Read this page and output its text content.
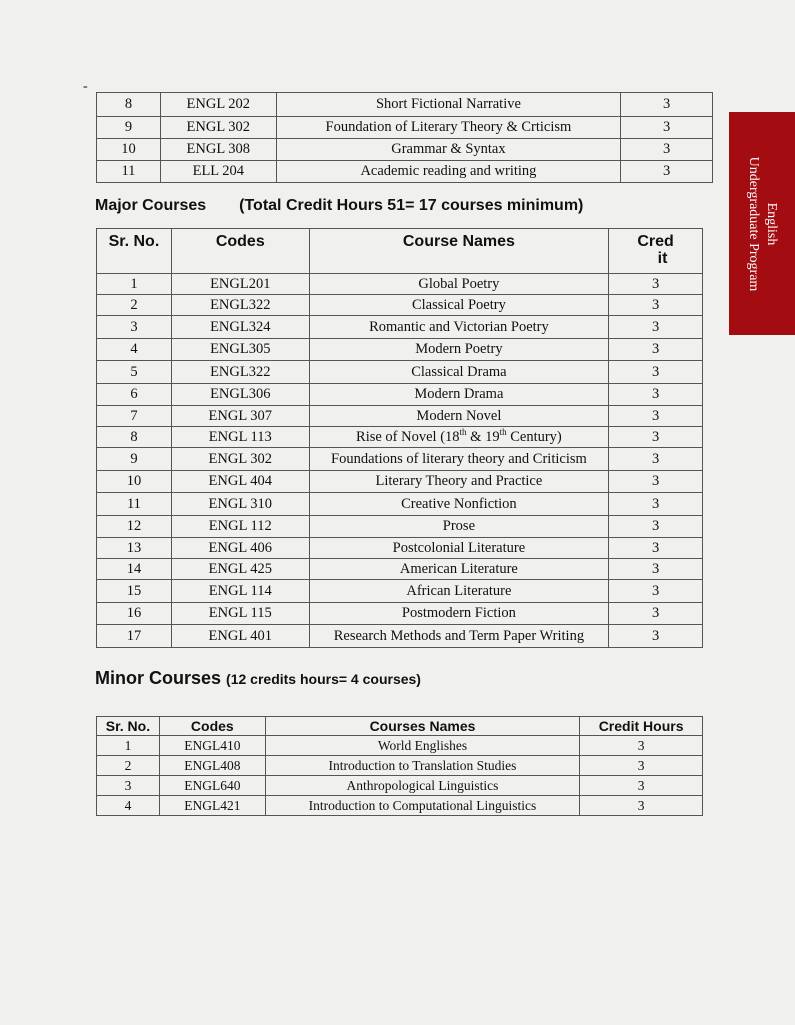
-
8	ENGL 202	Short Fictional Narrative	3
9	ENGL 302	Foundation of Literary Theory & Crticism	3
10	ENGL 308	Grammar & Syntax	3
11	ELL 204	Academic reading and writing	3
Major Courses (Total Credit Hours 51= 17 courses minimum)
Sr. No.	Codes	Course Names	Cred
it
1	ENGL201	Global Poetry	3
2	ENGL322	Classical Poetry	3
3	ENGL324	Romantic and Victorian Poetry	3
4	ENGL305	Modern Poetry	3
5	ENGL322	Classical Drama	3
6	ENGL306	Modern Drama	3
7	ENGL 307	Modern Novel	3
8	ENGL 113	Rise of Novel (18th & 19th Century)	3
9	ENGL 302	Foundations of literary theory and Criticism	3
10	ENGL 404	Literary Theory and Practice	3
11	ENGL 310	Creative Nonfiction	3
12	ENGL 112	Prose	3
13	ENGL 406	Postcolonial Literature	3
14	ENGL 425	American Literature	3
15	ENGL 114	African Literature	3
16	ENGL 115	Postmodern Fiction	3
17	ENGL 401	Research Methods and Term Paper Writing	3
Minor Courses (12 credits hours= 4 courses)
Sr. No.	Codes	Courses Names	Credit Hours
1	ENGL410	World Englishes	3
2	ENGL408	Introduction to Translation Studies	3
3	ENGL640	Anthropological Linguistics	3
4	ENGL421	Introduction to Computational Linguistics	3
English
Undergraduate Program
